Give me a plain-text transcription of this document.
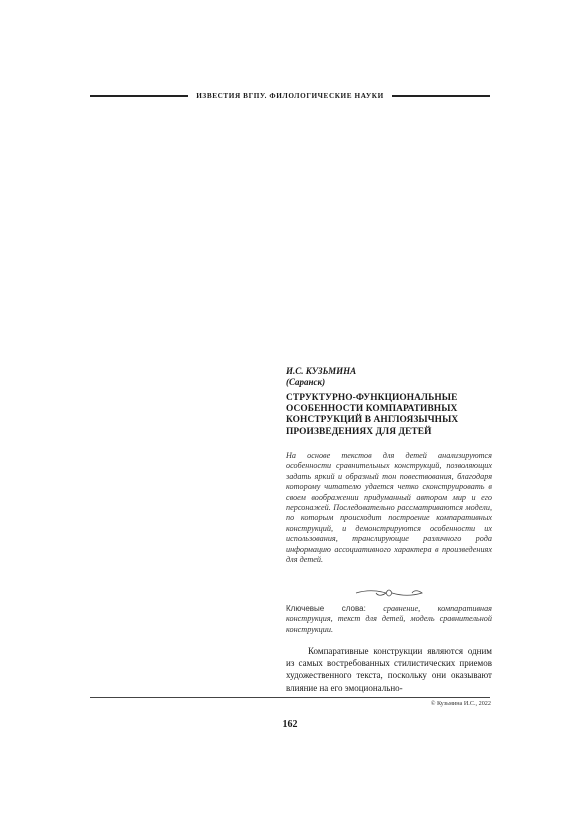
ИЗВЕСТИЯ ВГПУ. ФИЛОЛОГИЧЕСКИЕ НАУКИ
И.С. КУЗЬМИНА
(Саранск)
СТРУКТУРНО-ФУНКЦИОНАЛЬНЫЕ
ОСОБЕННОСТИ КОМПАРАТИВНЫХ
КОНСТРУКЦИЙ В АНГЛОЯЗЫЧНЫХ
ПРОИЗВЕДЕНИЯХ ДЛЯ ДЕТЕЙ

На основе текстов для детей анализируются особенности сравнительных конструкций, позволяющих задать яркий и образный тон повествования, благодаря которому читателю удается четко сконструировать в своем воображении придуманный автором мир и его персонажей. Последовательно рассматриваются модели, по которым происходит построение компаративных конструкций, и демонстрируются особенности их использования, транслирующие различного рода информацию ассоциативного характера в произведениях для детей.

Ключевые слова: сравнение, компаративная конструкция, текст для детей, модель сравнительной конструкции.

Компаративные конструкции являются одним из самых востребованных стилистических приемов художественного текста, поскольку они оказывают влияние на его эмоционально-

© Кузьмина И.С., 2022
162
